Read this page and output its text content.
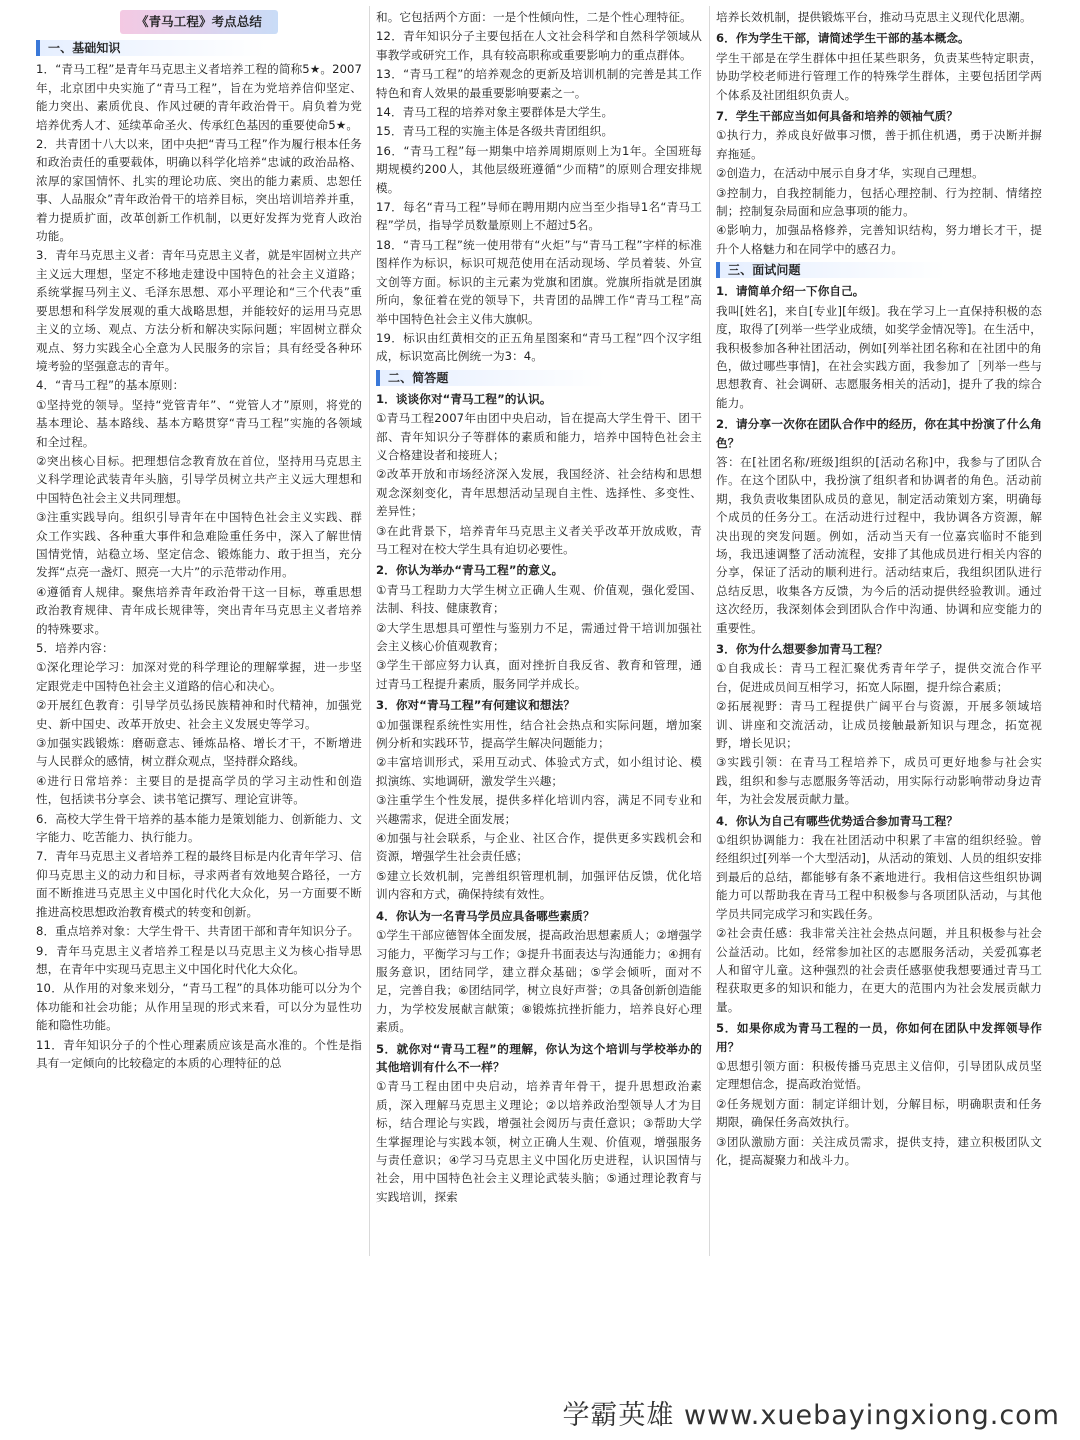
《青马工程》考点总结
一、基础知识

1．“青马工程”是青年马克思主义者培养工程的简称5★。2007年，北京团中央实施了“青马工程”，旨在为党培养信仰坚定、能力突出、素质优良、作风过硬的青年政治骨干。肩负着为党培养优秀人才、延续革命圣火、传承红色基因的重要使命5★。

2．共青团十八大以来，团中央把“青马工程”作为履行根本任务和政治责任的重要载体，明确以科学化培养“忠诚的政治品格、浓厚的家国情怀、扎实的理论功底、突出的能力素质、忠恕任事、人品服众”青年政治骨干的培养目标，突出培训培养并重，着力提质扩面，改革创新工作机制，以更好发挥为党育人政治功能。

3．青年马克思主义者：青年马克思主义者，就是牢固树立共产主义远大理想，坚定不移地走建设中国特色的社会主义道路；系统掌握马列主义、毛泽东思想、邓小平理论和“三个代表”重要思想和科学发展观的重大战略思想，并能较好的运用马克思主义的立场、观点、方法分析和解决实际问题；牢固树立群众观点、努力实践全心全意为人民服务的宗旨；具有经受各种环境考验的坚强意志的青年。

4．“青马工程”的基本原则：

①坚持党的领导。坚持“党管青年”、“党管人才”原则，将党的基本理论、基本路线、基本方略贯穿“青马工程”实施的各领域和全过程。

②突出核心目标。把理想信念教育放在首位，坚持用马克思主义科学理论武装青年头脑，引导学员树立共产主义远大理想和中国特色社会主义共同理想。

③注重实践导向。组织引导青年在中国特色社会主义实践、群众工作实践、各种重大事件和急难险重任务中，深入了解世情国情党情，站稳立场、坚定信念、锻炼能力、敢于担当，充分发挥“点亮一盏灯、照亮一大片”的示范带动作用。

④遵循育人规律。聚焦培养青年政治骨干这一目标，尊重思想政治教育规律、青年成长规律等，突出青年马克思主义者培养的特殊要求。

5．培养内容：

①深化理论学习：加深对党的科学理论的理解掌握，进一步坚定跟党走中国特色社会主义道路的信心和决心。

②开展红色教育：引导学员弘扬民族精神和时代精神，加强党史、新中国史、改革开放史、社会主义发展史等学习。

③加强实践锻炼：磨砺意志、锤炼品格、增长才干，不断增进与人民群众的感情，树立群众观点，坚持群众路线。

④进行日常培养：主要目的是提高学员的学习主动性和创造性，包括读书分享会、读书笔记撰写、理论宣讲等。

6．高校大学生骨干培养的基本能力是策划能力、创新能力、文字能力、吃苦能力、执行能力。

7．青年马克思主义者培养工程的最终目标是内化青年学习、信仰马克思主义的动力和目标，寻求两者有效地契合路径，一方面不断推进马克思主义中国化时代化大众化，另一方面要不断推进高校思想政治教育模式的转变和创新。

8．重点培养对象：大学生骨干、共青团干部和青年知识分子。

9．青年马克思主义者培养工程是以马克思主义为核心指导思想，在青年中实现马克思主义中国化时代化大众化。

10．从作用的对象来划分，“青马工程”的具体功能可以分为个体功能和社会功能；从作用呈现的形式来看，可以分为显性功能和隐性功能。

11．青年知识分子的个性心理素质应该是高水准的。个性是指具有一定倾向的比较稳定的本质的心理特征的总

和。它包括两个方面：一是个性倾向性，二是个性心理特征。

12．青年知识分子主要包括在人文社会科学和自然科学领域从事教学或研究工作，具有较高职称或重要影响力的重点群体。

13．“青马工程”的培养观念的更新及培训机制的完善是其工作特色和育人效果的最重要影响要素之一。

14．青马工程的培养对象主要群体是大学生。

15．青马工程的实施主体是各级共青团组织。

16．“青马工程”每一期集中培养周期原则上为1年。全国班每期规模约200人，其他层级班遵循“少而精”的原则合理安排规模。

17．每名“青马工程”导师在聘用期内应当至少指导1名“青马工程”学员，指导学员数量原则上不超过5名。

18．“青马工程”统一使用带有“火炬”与“青马工程”字样的标准图样作为标识，标识可规范使用在活动现场、学员着装、外宣文创等方面。标识的主元素为党旗和团旗。党旗所指就是团旗所向，象征着在党的领导下，共青团的品牌工作“青马工程”高举中国特色社会主义伟大旗帜。

19．标识由红黄相交的正五角星图案和“青马工程”四个汉字组成，标识宽高比例统一为3：4。

二、简答题

1．谈谈你对“青马工程”的认识。

①青马工程2007年由团中央启动，旨在提高大学生骨干、团干部、青年知识分子等群体的素质和能力，培养中国特色社会主义合格建设者和接班人；

②改革开放和市场经济深入发展，我国经济、社会结构和思想观念深刻变化，青年思想活动呈现自主性、选择性、多变性、差异性；

③在此背景下，培养青年马克思主义者关乎改革开放成败，青马工程对在校大学生具有迫切必要性。

2．你认为举办“青马工程”的意义。

①青马工程助力大学生树立正确人生观、价值观，强化爱国、法制、科技、健康教育；

②大学生思想具可塑性与鉴别力不足，需通过骨干培训加强社会主义核心价值观教育；

③学生干部应努力认真，面对挫折自我反省、教育和管理，通过青马工程提升素质，服务同学并成长。

3．你对“青马工程”有何建议和想法？

①加强课程系统性实用性，结合社会热点和实际问题，增加案例分析和实践环节，提高学生解决问题能力；

②丰富培训形式，采用互动式、体验式方式，如小组讨论、模拟演练、实地调研，激发学生兴趣；

③注重学生个性发展，提供多样化培训内容，满足不同专业和兴趣需求，促进全面发展；

④加强与社会联系，与企业、社区合作，提供更多实践机会和资源，增强学生社会责任感；

⑤建立长效机制，完善组织管理机制，加强评估反馈，优化培训内容和方式，确保持续有效性。

4．你认为一名青马学员应具备哪些素质？

①学生干部应德智体全面发展，提高政治思想素质人；②增强学习能力，平衡学习与工作；③提升书面表达与沟通能力；④拥有服务意识，团结同学，建立群众基础；⑤学会倾听，面对不足，完善自我；⑥团结同学，树立良好声誉；⑦具备创新创造能力，为学校发展献言献策；⑧锻炼抗挫折能力，培养良好心理素质。

5．就你对“青马工程”的理解，你认为这个培训与学校举办的其他培训有什么不一样？

①青马工程由团中央启动，培养青年骨干，提升思想政治素质，深入理解马克思主义理论；②以培养政治型领导人才为目标，结合理论与实践，增强社会阅历与责任意识；③帮助大学生掌握理论与实践本领，树立正确人生观、价值观，增强服务与责任意识；④学习马克思主义中国化历史进程，认识国情与社会，用中国特色社会主义理论武装头脑；⑤通过理论教育与实践培训，探索

培养长效机制，提供锻炼平台，推动马克思主义现代化思潮。

6．作为学生干部，请简述学生干部的基本概念。

学生干部是在学生群体中担任某些职务，负责某些特定职责，协助学校老师进行管理工作的特殊学生群体，主要包括团学两个体系及社团组织负责人。

7．学生干部应当如何具备和培养的领袖气质？

①执行力，养成良好做事习惯，善于抓住机遇，勇于决断并摒弃拖延。

②创造力，在活动中展示自身才华，实现自己理想。

③控制力，自我控制能力，包括心理控制、行为控制、情绪控制；控制复杂局面和应急事项的能力。

④影响力，加强品格修养，完善知识结构，努力增长才干，提升个人格魅力和在同学中的感召力。

三、面试问题

1．请简单介绍一下你自己。

我叫[姓名]，来自[专业][年级]。我在学习上一直保持积极的态度，取得了[列举一些学业成绩，如奖学金情况等]。在生活中，我积极参加各种社团活动，例如[列举社团名称和在社团中的角色，做过哪些事情]，在社会实践方面，我参加了［列举一些与思想教育、社会调研、志愿服务相关的活动]，提升了我的综合能力。

2．请分享一次你在团队合作中的经历，你在其中扮演了什么角色？

答：在[社团名称/班级]组织的[活动名称]中，我参与了团队合作。在这个团队中，我扮演了组织者和协调者的角色。活动前期，我负责收集团队成员的意见，制定活动策划方案，明确每个成员的任务分工。在活动进行过程中，我协调各方资源，解决出现的突发问题。例如，活动当天有一位嘉宾临时不能到场，我迅速调整了活动流程，安排了其他成员进行相关内容的分享，保证了活动的顺利进行。活动结束后，我组织团队进行总结反思，收集各方反馈，为今后的活动提供经验教训。通过这次经历，我深刻体会到团队合作中沟通、协调和应变能力的重要性。

3．你为什么想要参加青马工程？

①自我成长：青马工程汇聚优秀青年学子，提供交流合作平台，促进成员间互相学习，拓宽人际圈，提升综合素质；

②拓展视野：青马工程提供广阔平台与资源，开展多领域培训、讲座和交流活动，让成员接触最新知识与理念，拓宽视野，增长见识；

③实践引领：在青马工程培养下，成员可更好地参与社会实践，组织和参与志愿服务等活动，用实际行动影响带动身边青年，为社会发展贡献力量。

4．你认为自己有哪些优势适合参加青马工程？

①组织协调能力：我在社团活动中积累了丰富的组织经验。曾经组织过[列举一个大型活动]，从活动的策划、人员的组织安排到最后的总结，都能够有条不紊地进行。我相信这些组织协调能力可以帮助我在青马工程中积极参与各项团队活动，与其他学员共同完成学习和实践任务。

②社会责任感：我非常关注社会热点问题，并且积极参与社会公益活动。比如，经常参加社区的志愿服务活动，关爱孤寡老人和留守儿童。这种强烈的社会责任感驱使我想要通过青马工程获取更多的知识和能力，在更大的范围内为社会发展贡献力量。

5．如果你成为青马工程的一员，你如何在团队中发挥领导作用？

①思想引领方面：积极传播马克思主义信仰，引导团队成员坚定理想信念，提高政治觉悟。

②任务规划方面：制定详细计划，分解目标，明确职责和任务期限，确保任务高效执行。

③团队激励方面：关注成员需求，提供支持，建立积极团队文化，提高凝聚力和战斗力。

学霸英雄 www.xuebayingxiong.com
